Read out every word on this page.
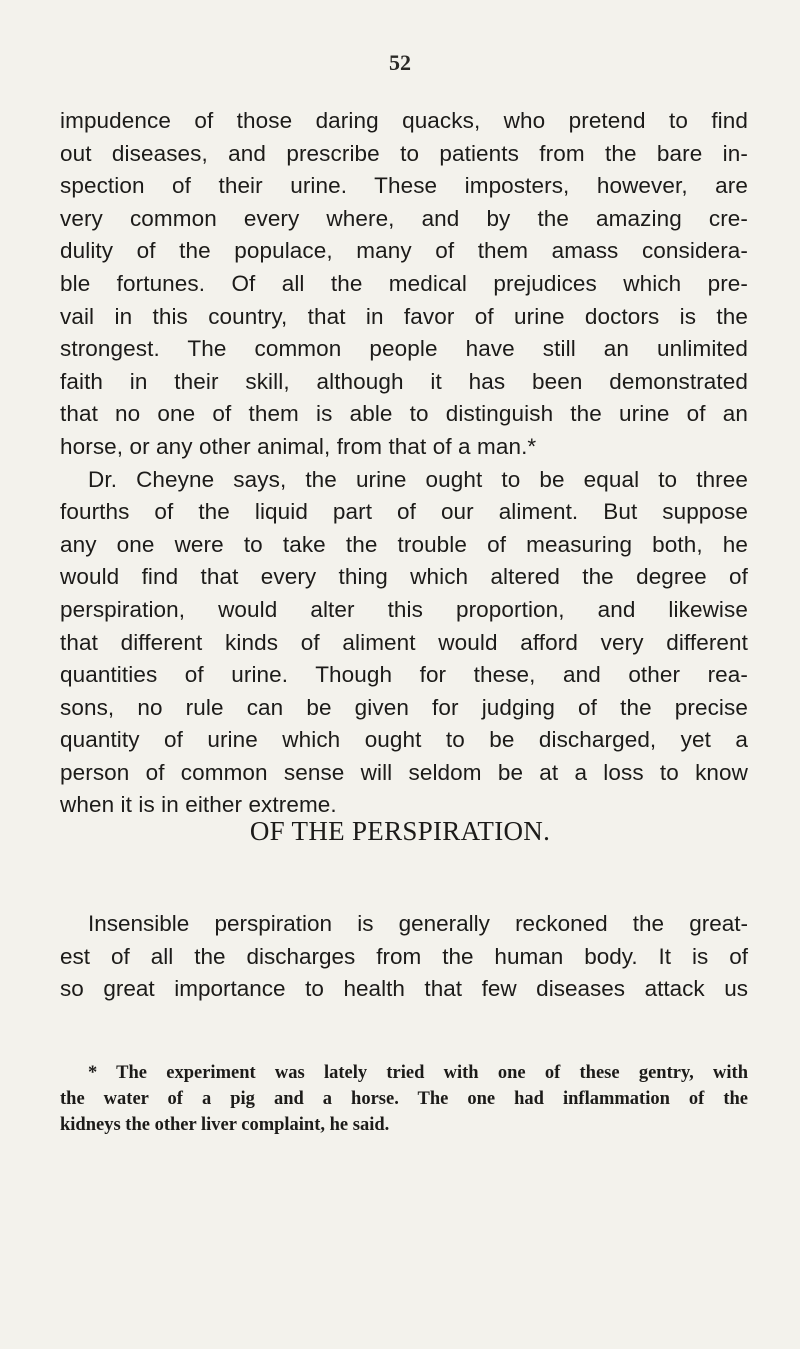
52
impudence of those daring quacks, who pretend to find
out diseases, and prescribe to patients from the bare in-
spection of their urine. These imposters, however, are
very common every where, and by the amazing cre-
dulity of the populace, many of them amass considera-
ble fortunes. Of all the medical prejudices which pre-
vail in this country, that in favor of urine doctors is the
strongest. The common people have still an unlimited
faith in their skill, although it has been demonstrated
that no one of them is able to distinguish the urine of an
horse, or any other animal, from that of a man.*
Dr. Cheyne says, the urine ought to be equal to three
fourths of the liquid part of our aliment. But suppose
any one were to take the trouble of measuring both, he
would find that every thing which altered the degree of
perspiration, would alter this proportion, and likewise
that different kinds of aliment would afford very different
quantities of urine. Though for these, and other rea-
sons, no rule can be given for judging of the precise
quantity of urine which ought to be discharged, yet a
person of common sense will seldom be at a loss to know
when it is in either extreme.
OF THE PERSPIRATION.
Insensible perspiration is generally reckoned the great-
est of all the discharges from the human body. It is of
so great importance to health that few diseases attack us
* The experiment was lately tried with one of these gentry, with
the water of a pig and a horse. The one had inflammation of the
kidneys the other liver complaint, he said.
